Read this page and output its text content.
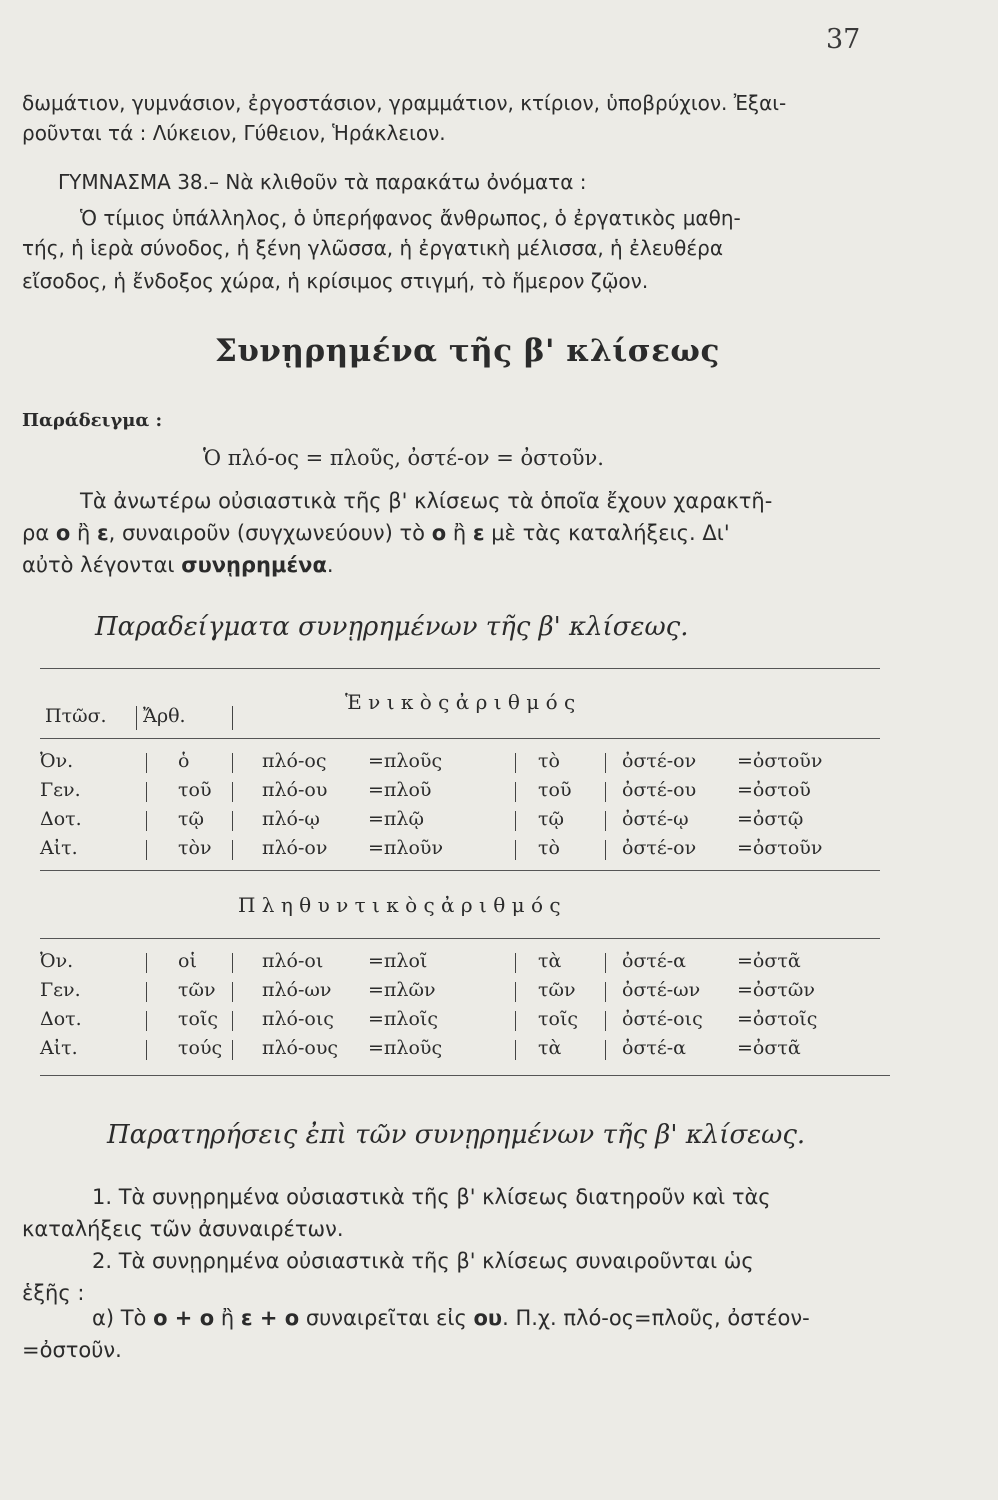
37
δωμάτιον, γυμνάσιον, ἐργοστάσιον, γραμμάτιον, κτίριον, ὑποβρύχιον. Ἐξαι-
ροῦνται τά : Λύκειον, Γύθειον, Ἡράκλειον.
ΓΥΜΝΑΣΜΑ 38.– Νὰ κλιθοῦν τὰ παρακάτω ὀνόματα :
Ὁ τίμιος ὑπάλληλος, ὁ ὑπερήφανος ἄνθρωπος, ὁ ἐργατικὸς μαθη-
τής, ἡ ἱερὰ σύνοδος, ἡ ξένη γλῶσσα, ἡ ἐργατικὴ μέλισσα, ἡ ἐλευθέρα
εἴσοδος, ἡ ἔνδοξος χώρα, ἡ κρίσιμος στιγμή, τὸ ἥμερον ζῷον.
Συνῃρημένα τῆς β' κλίσεως
Παράδειγμα :
Ὁ πλό-ος = πλοῦς, ὀστέ-ον = ὀστοῦν.
Τὰ ἀνωτέρω οὐσιαστικὰ τῆς β' κλίσεως τὰ ὁποῖα ἔχουν χαρακτῆ-
ρα ο ἢ ε, συναιροῦν (συγχωνεύουν) τὸ ο ἢ ε μὲ τὰς καταλήξεις. Δι'
αὐτὸ λέγονται συνῃρημένα.
Παραδείγματα συνῃρημένων τῆς β' κλίσεως.
Πτῶσ. Ἄρθ.
Ἑ ν ι κ ὸ ς ἀ ρ ι θ μ ό ς
Ὀν.	ὁ	πλό-ος =πλοῦς	τὸ	ὀστέ-ον =ὀστοῦν
Γεν.	τοῦ	πλό-ου =πλοῦ	τοῦ	ὀστέ-ου =ὀστοῦ
Δοτ.	τῷ	πλό-ῳ	=πλῷ	τῷ	ὀστέ-ῳ	=ὀστῷ
Αἰτ.	τὸν	πλό-ον =πλοῦν	τὸ	ὀστέ-ον =ὀστοῦν
Π λ η θ υ ν τ ι κ ὸ ς ἀ ρ ι θ μ ό ς
Ὀν.	οἱ	πλό-οι =πλοῖ	τὰ	ὀστέ-α	=ὀστᾶ
Γεν.	τῶν πλό-ων =πλῶν	τῶν ὀστέ-ων =ὀστῶν
Δοτ.	τοῖς πλό-οις =πλοῖς	τοῖς ὀστέ-οις =ὀστοῖς
Αἰτ.	τούς πλό-ους =πλοῦς	τὰ	ὀστέ-α	=ὀστᾶ
Παρατηρήσεις ἐπὶ τῶν συνῃρημένων τῆς β' κλίσεως.
1. Τὰ συνῃρημένα οὐσιαστικὰ τῆς β' κλίσεως διατηροῦν καὶ τὰς
καταλήξεις τῶν ἀσυναιρέτων.
2. Τὰ συνῃρημένα οὐσιαστικὰ τῆς β' κλίσεως συναιροῦνται ὡς
ἑξῆς :
α) Τὸ ο + ο ἢ ε + ο συναιρεῖται εἰς ου. Π.χ. πλό-ος=πλοῦς, ὀστέον-
=ὀστοῦν.
